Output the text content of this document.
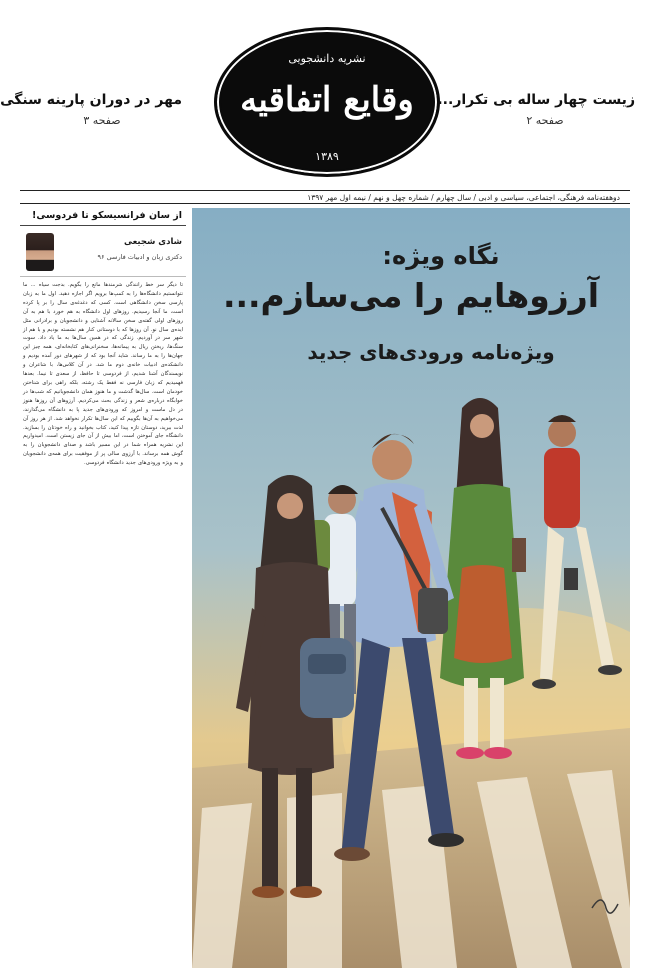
مهر در دوران پارینه سنگی
صفحه ۳
نشریه دانشجویی
وقایع اتفاقیه
۱۳۸۹
زیست چهار ساله بی تکرار...
صفحه ۲
دوهفته‌نامه فرهنگی، اجتماعی، سیاسی و ادبی / سال چهارم / شماره چهل و نهم / نیمه اول مهر ۱۳۹۷
از سان فرانسیسکو تا فردوسی!
شادی شجیعی
دکتری زبان و ادبیات فارسی ۹۶
تا دیگر سر خط رانندگی شرمندها مانع را بگویم. بدجت سیاه ... ما نتوانستیم دانشگاه‌ها را به کمپ‌ها برویم اگر اجازه دهید. اول ما به زبان پارسی سخن دانشگاهی است. کسی که دغدغه‌ی سال را بر پا کرده است، ما آنجا رسیدیم. روزهای اول دانشگاه به هم خورد با هم به آن روزهای اولی گفته‌ی سخن سالانه آشنایی و دانشجویان و برادرانی مثل ایده‌ی سال نو. آن روزها که با دوستانی کنار هم نشسته بودیم و با هم از شهر سر در آوردیم. زندگی که در همین سال‌ها به ما یاد داد. سوت سنگ‌ها، ریختن ریال به پیمانه‌ها، سخنرانی‌های کتابخانه‌ای، همه چیز این جهان‌ها را به ما رساند. شاید آنجا بود که از شهرهای دور آمده بودیم و دانشکده‌ی ادبیات خانه‌ی دوم ما شد. در آن کلاس‌ها، با شاعران و نویسندگان آشنا شدیم، از فردوسی تا حافظ، از سعدی تا نیما. بعدها فهمیدیم که زبان فارسی نه فقط یک رشته، بلکه راهی برای شناختن خودمان است. سال‌ها گذشت و ما هنوز همان دانشجویانیم که شب‌ها در خوابگاه درباره‌ی شعر و زندگی بحث می‌کردیم. آرزوهای آن روزها هنوز در دل ماست و امروز که ورودی‌های جدید پا به دانشگاه می‌گذارند، می‌خواهیم به آن‌ها بگوییم که این سال‌ها تکرار نخواهد شد. از هر روز آن لذت ببرید، دوستان تازه پیدا کنید، کتاب بخوانید و راه خودتان را بسازید. دانشگاه جای آموختن است، اما بیش از آن جای زیستن است. امیدواریم این نشریه همراه شما در این مسیر باشد و صدای دانشجویان را به گوش همه برساند. با آرزوی سالی پر از موفقیت برای همه‌ی دانشجویان و به ویژه ورودی‌های جدید دانشگاه فردوسی.
نگاه ویژه:
آرزوهایم را می‌سازم...
ویژه‌نامه ورودی‌های جدید
